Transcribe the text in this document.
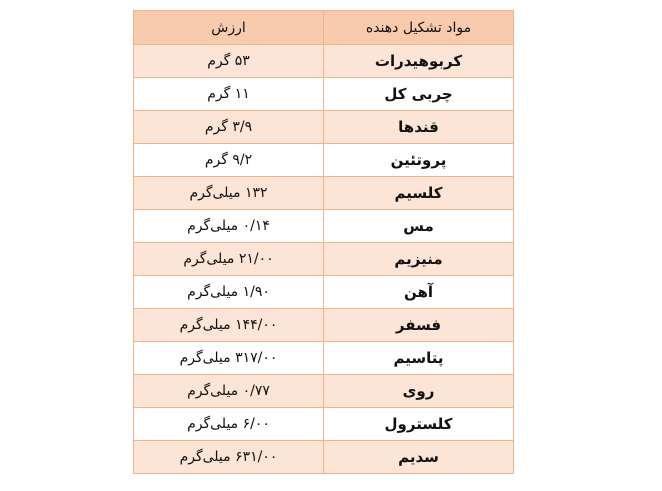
ارزش	مواد تشکیل دهنده
۵۳ گرم	کربوهیدرات
۱۱ گرم	چربی کل
۳/۹ گرم	قندها
۹/۲ گرم	پروتئین
۱۳۲ میلی‌گرم	کلسیم
۰/۱۴ میلی‌گرم	مس
۲۱/۰۰ میلی‌گرم	منیزیم
۱/۹۰ میلی‌گرم	آهن
۱۴۴/۰۰ میلی‌گرم	فسفر
۳۱۷/۰۰ میلی‌گرم	پتاسیم
۰/۷۷ میلی‌گرم	روی
۶/۰۰ میلی‌گرم	کلسترول
۶۳۱/۰۰ میلی‌گرم	سدیم
